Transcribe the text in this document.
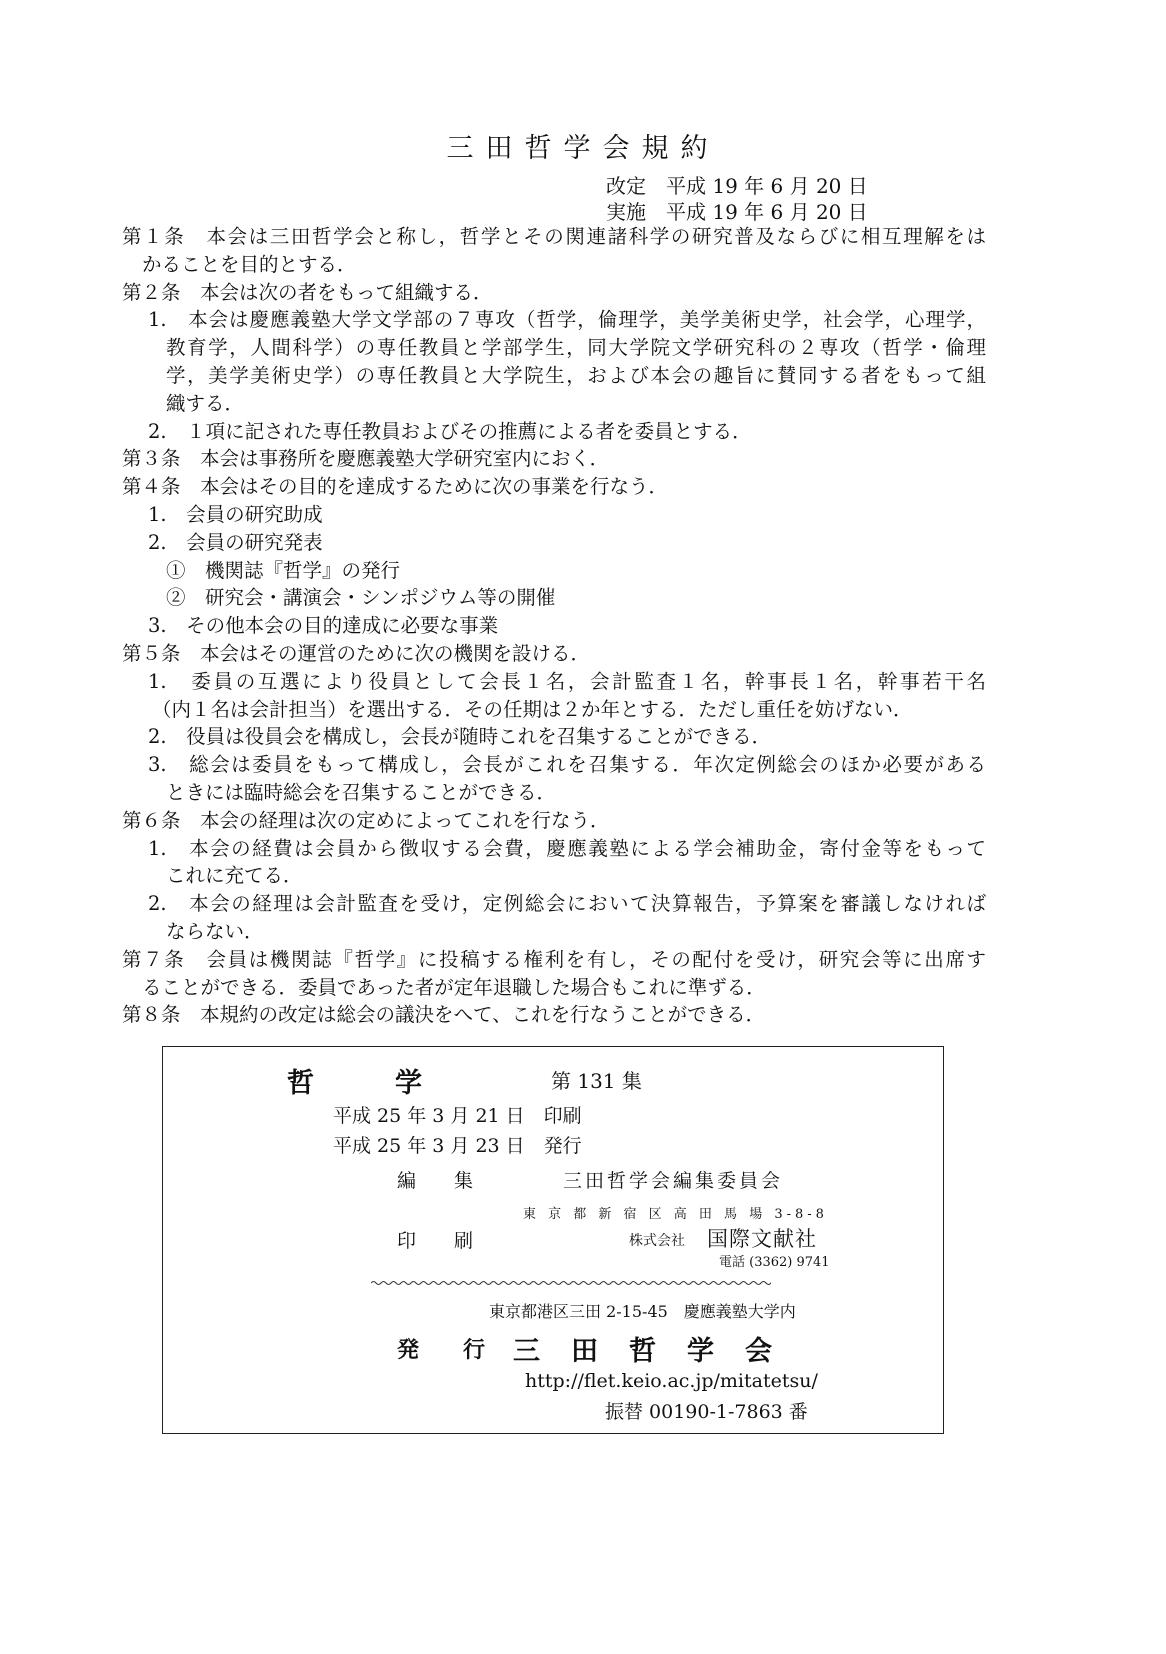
三田哲学会規約
改定　平成 19 年 6 月 20 日
実施　平成 19 年 6 月 20 日
第１条　本会は三田哲学会と称し，哲学とその関連諸科学の研究普及ならびに相互理解をは
かることを目的とする．
第２条　本会は次の者をもって組織する．
1.　本会は慶應義塾大学文学部の７専攻（哲学，倫理学，美学美術史学，社会学，心理学，
教育学，人間科学）の専任教員と学部学生，同大学院文学研究科の２専攻（哲学・倫理
学，美学美術史学）の専任教員と大学院生，および本会の趣旨に賛同する者をもって組
織する．
2.　１項に記された専任教員およびその推薦による者を委員とする．
第３条　本会は事務所を慶應義塾大学研究室内におく．
第４条　本会はその目的を達成するために次の事業を行なう．
1.　会員の研究助成
2.　会員の研究発表
①　機関誌『哲学』の発行
②　研究会・講演会・シンポジウム等の開催
3.　その他本会の目的達成に必要な事業
第５条　本会はその運営のために次の機関を設ける．
1.　委員の互選により役員として会長１名，会計監査１名，幹事長１名，幹事若干名
（内１名は会計担当）を選出する．その任期は２か年とする．ただし重任を妨げない．
2.　役員は役員会を構成し，会長が随時これを召集することができる．
3.　総会は委員をもって構成し，会長がこれを召集する．年次定例総会のほか必要がある
ときには臨時総会を召集することができる．
第６条　本会の経理は次の定めによってこれを行なう．
1.　本会の経費は会員から徴収する会費，慶應義塾による学会補助金，寄付金等をもって
これに充てる．
2.　本会の経理は会計監査を受け，定例総会において決算報告，予算案を審議しなければ
ならない．
第７条　会員は機関誌『哲学』に投稿する権利を有し，その配付を受け，研究会等に出席す
ることができる．委員であった者が定年退職した場合もこれに準ずる．
第８条　本規約の改定は総会の議決をへて、これを行なうことができる．
哲　　　学	第 131 集
平成 25 年 3 月 21 日　印刷
平成 25 年 3 月 23 日　発行
編　　集	三田哲学会編集委員会
東 京 都 新 宿 区 高 田 馬 場 3-8-8
印　　刷	株式会社 国際文献社
電話 (3362) 9741
東京都港区三田 2-15-45　慶應義塾大学内
発　　行 三　田　哲　学　会
http://flet.keio.ac.jp/mitatetsu/
振替 00190-1-7863 番
